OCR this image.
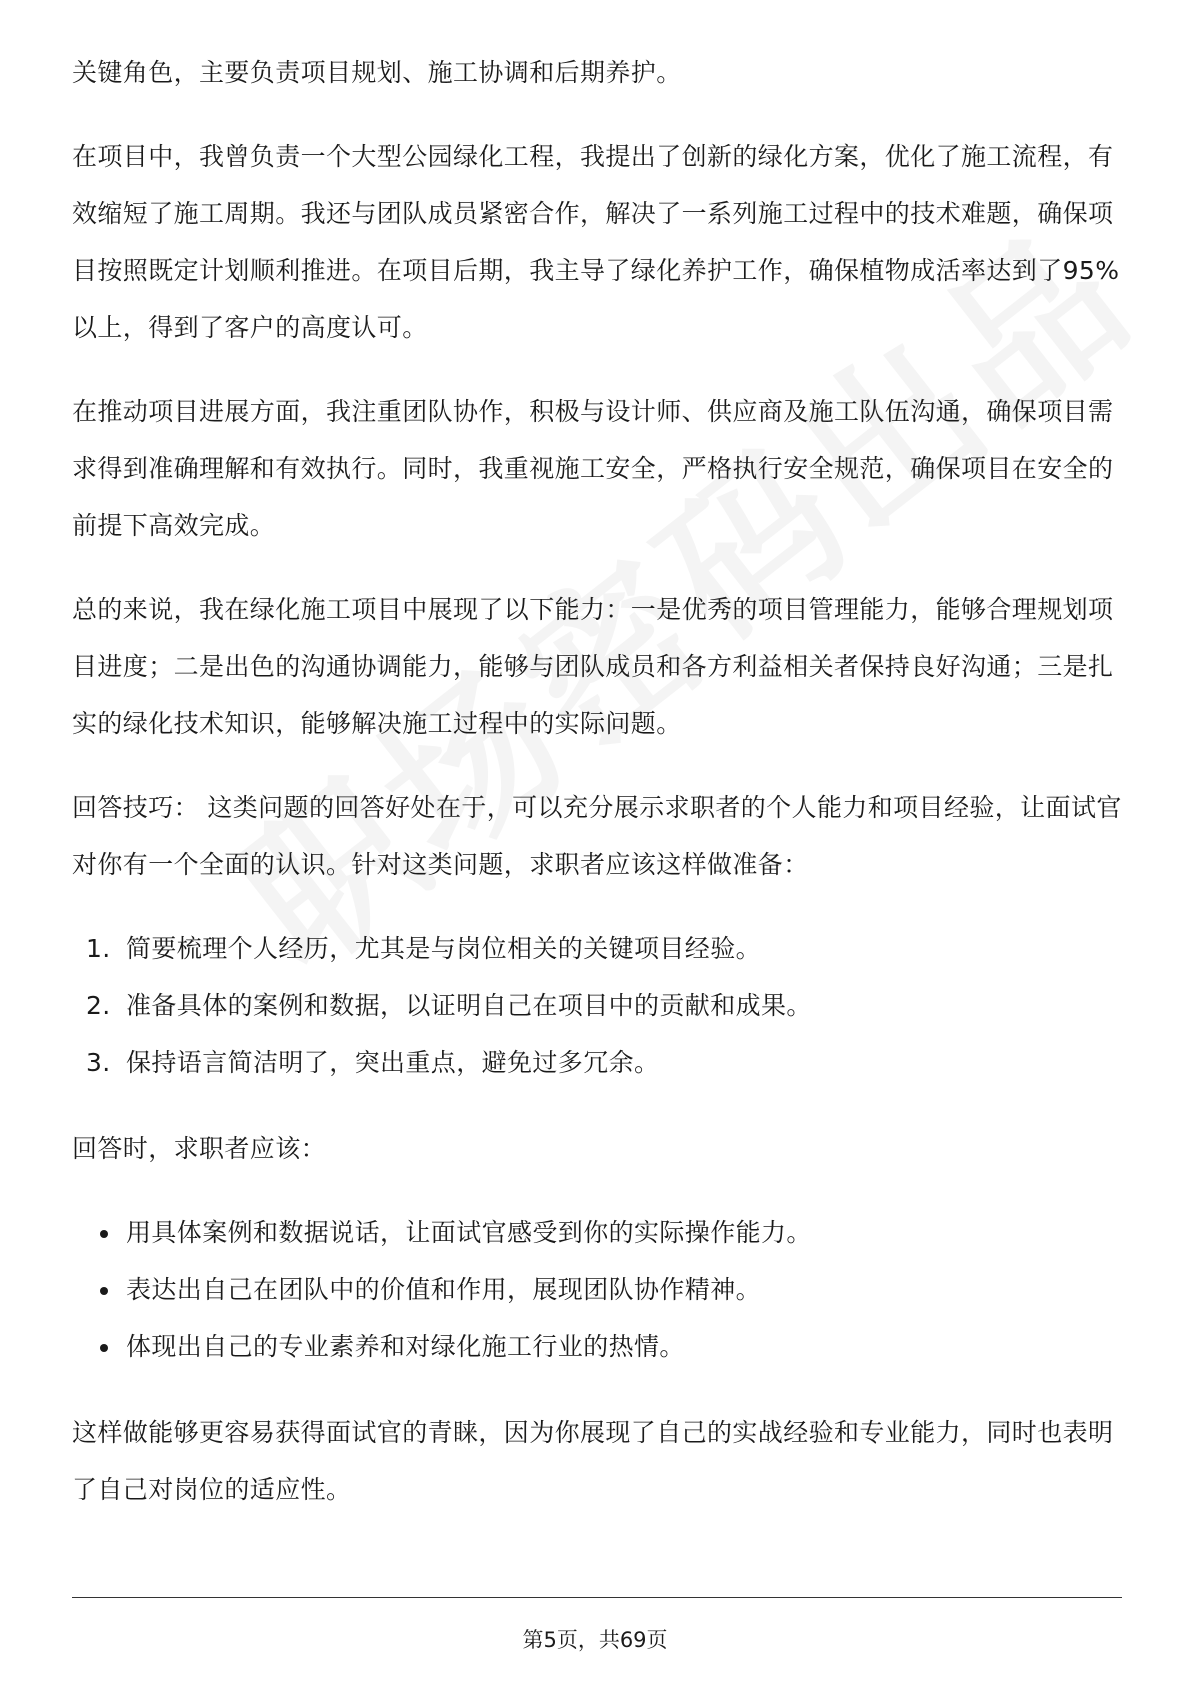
关键角色，主要负责项目规划、施工协调和后期养护。

在项目中，我曾负责一个大型公园绿化工程，我提出了创新的绿化方案，优化了施工流程，有效缩短了施工周期。我还与团队成员紧密合作，解决了一系列施工过程中的技术难题，确保项目按照既定计划顺利推进。在项目后期，我主导了绿化养护工作，确保植物成活率达到了95%以上，得到了客户的高度认可。

在推动项目进展方面，我注重团队协作，积极与设计师、供应商及施工队伍沟通，确保项目需求得到准确理解和有效执行。同时，我重视施工安全，严格执行安全规范，确保项目在安全的前提下高效完成。

总的来说，我在绿化施工项目中展现了以下能力：一是优秀的项目管理能力，能够合理规划项目进度；二是出色的沟通协调能力，能够与团队成员和各方利益相关者保持良好沟通；三是扎实的绿化技术知识，能够解决施工过程中的实际问题。

回答技巧： 这类问题的回答好处在于，可以充分展示求职者的个人能力和项目经验，让面试官对你有一个全面的认识。针对这类问题，求职者应该这样做准备：

1. 简要梳理个人经历，尤其是与岗位相关的关键项目经验。
2. 准备具体的案例和数据，以证明自己在项目中的贡献和成果。
3. 保持语言简洁明了，突出重点，避免过多冗余。

回答时，求职者应该：

用具体案例和数据说话，让面试官感受到你的实际操作能力。
表达出自己在团队中的价值和作用，展现团队协作精神。
体现出自己的专业素养和对绿化施工行业的热情。

这样做能够更容易获得面试官的青睐，因为你展现了自己的实战经验和专业能力，同时也表明了自己对岗位的适应性。

第5页，共69页
